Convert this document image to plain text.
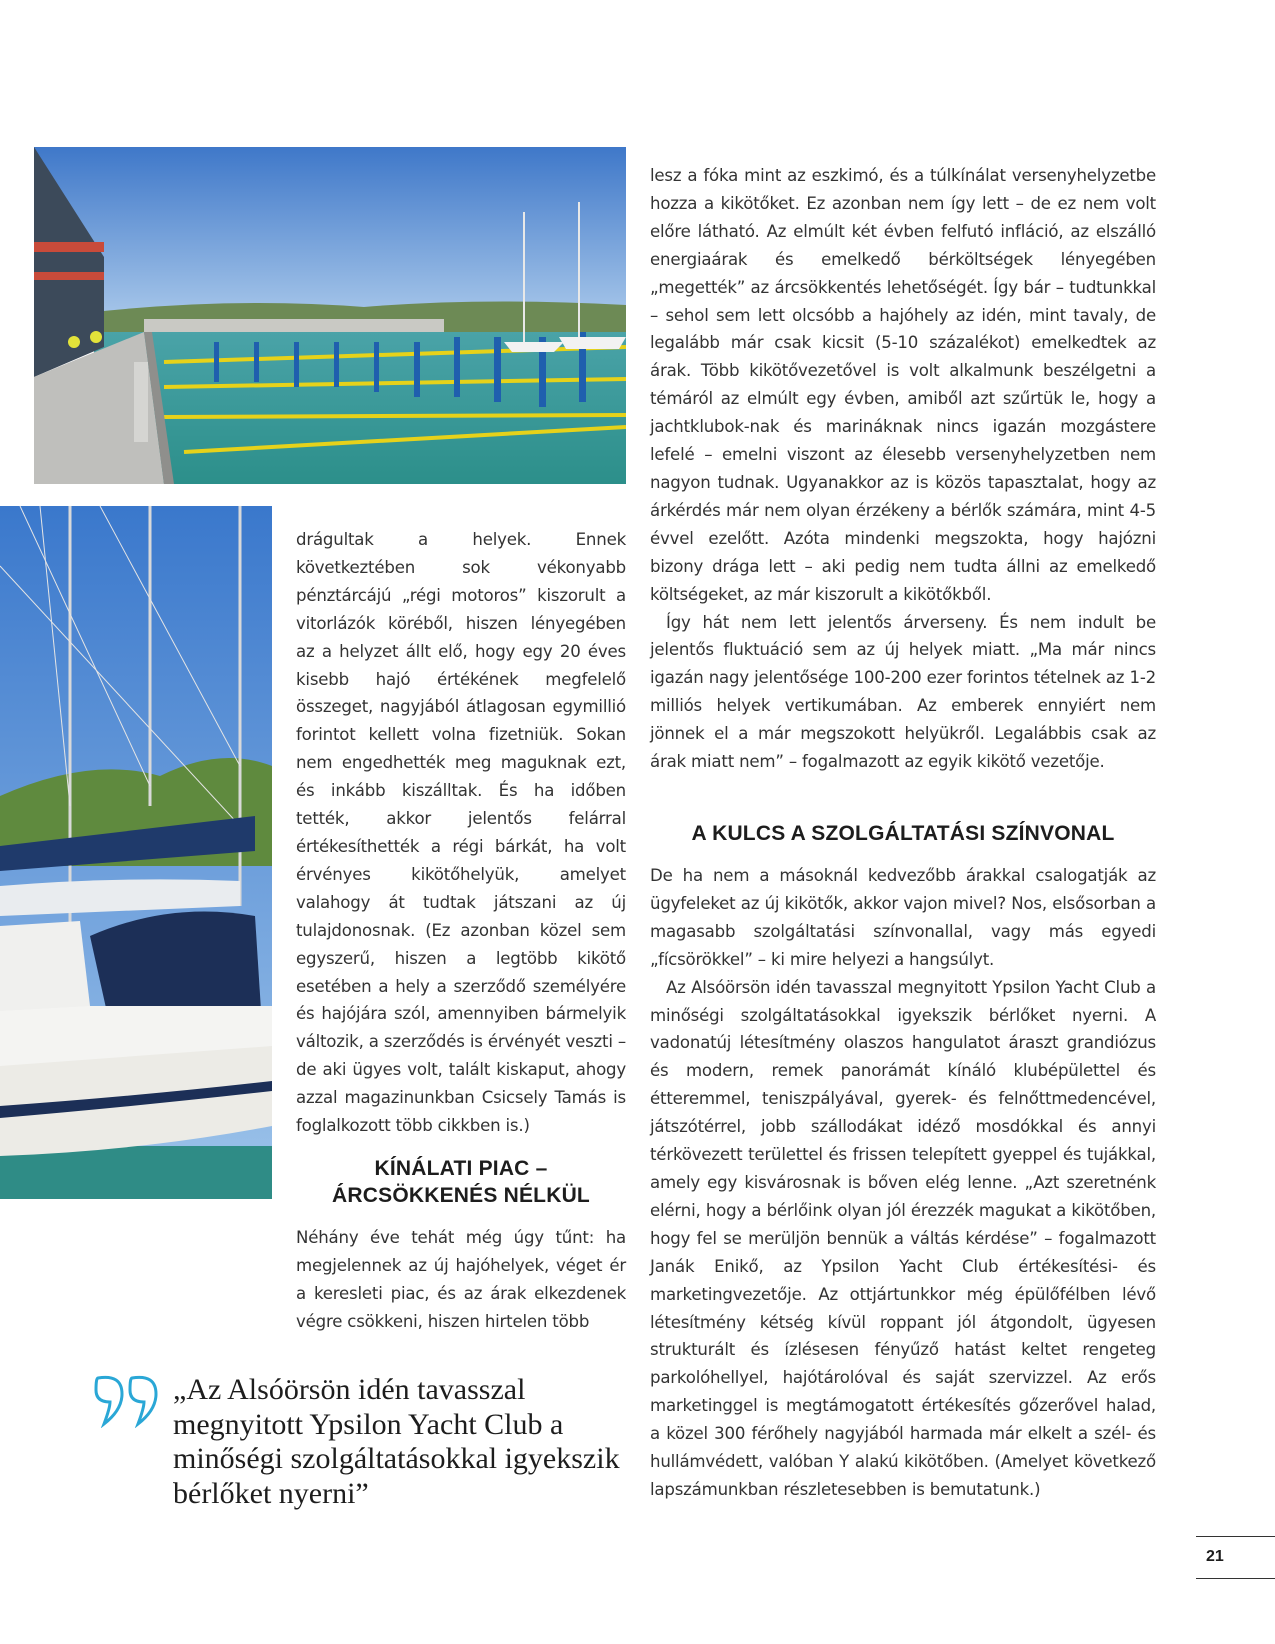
drágultak a helyek. Ennek következtében sok vékonyabb pénztárcájú „régi motoros” kiszorult a vitorlázók köréből, hiszen lényegében az a helyzet állt elő, hogy egy 20 éves kisebb hajó értékének megfelelő összeget, nagyjából átlagosan egymillió forintot kellett volna fizetniük. Sokan nem engedhették meg maguknak ezt, és inkább kiszálltak. És ha időben tették, akkor jelentős felárral értékesíthették a régi bárkát, ha volt érvényes kikötőhelyük, amelyet valahogy át tudtak játszani az új tulajdonosnak. (Ez azonban közel sem egyszerű, hiszen a legtöbb kikötő esetében a hely a szerződő személyére és hajójára szól, amennyiben bármelyik változik, a szerződés is érvényét veszti – de aki ügyes volt, talált kiskaput, ahogy azzal magazinunkban Csicsely Tamás is foglalkozott több cikkben is.)

KÍNÁLATI PIAC –
ÁRCSÖKKENÉS NÉLKÜL

Néhány éve tehát még úgy tűnt: ha megjelennek az új hajóhelyek, véget ér a keresleti piac, és az árak elkezdenek végre csökkeni, hiszen hirtelen több

lesz a fóka mint az eszkimó, és a túlkínálat versenyhelyzetbe hozza a kikötőket. Ez azonban nem így lett – de ez nem volt előre látható. Az elmúlt két évben felfutó infláció, az elszálló energiaárak és emelkedő bérköltségek lényegében „megették” az árcsökkentés lehetőségét. Így bár – tudtunkkal – sehol sem lett olcsóbb a hajóhely az idén, mint tavaly, de legalább már csak kicsit (5-10 százalékot) emelkedtek az árak. Több kikötővezetővel is volt alkalmunk beszélgetni a témáról az elmúlt egy évben, amiből azt szűrtük le, hogy a jachtklubok-nak és marináknak nincs igazán mozgástere lefelé – emelni viszont az élesebb versenyhelyzetben nem nagyon tudnak. Ugyanakkor az is közös tapasztalat, hogy az árkérdés már nem olyan érzékeny a bérlők számára, mint 4-5 évvel ezelőtt. Azóta mindenki megszokta, hogy hajózni bizony drága lett – aki pedig nem tudta állni az emelkedő költségeket, az már kiszorult a kikötőkből.

Így hát nem lett jelentős árverseny. És nem indult be jelentős fluktuáció sem az új helyek miatt. „Ma már nincs igazán nagy jelentősége 100-200 ezer forintos tételnek az 1-2 milliós helyek vertikumában. Az emberek ennyiért nem jönnek el a már megszokott helyükről. Legalábbis csak az árak miatt nem” – fogalmazott az egyik kikötő vezetője.

A KULCS A SZOLGÁLTATÁSI SZÍNVONAL

De ha nem a másoknál kedvezőbb árakkal csalogatják az ügyfeleket az új kikötők, akkor vajon mivel? Nos, elsősorban a magasabb szolgáltatási színvonallal, vagy más egyedi „fícsörökkel” – ki mire helyezi a hangsúlyt.

Az Alsóörsön idén tavasszal megnyitott Ypsilon Yacht Club a minőségi szolgáltatásokkal igyekszik bérlőket nyerni. A vadonatúj létesítmény olaszos hangulatot áraszt grandiózus és modern, remek panorámát kínáló klubépülettel és étteremmel, teniszpályával, gyerek- és felnőttmedencével, játszótérrel, jobb szállodákat idéző mosdókkal és annyi térkövezett területtel és frissen telepített gyeppel és tujákkal, amely egy kisvárosnak is bőven elég lenne. „Azt szeretnénk elérni, hogy a bérlőink olyan jól érezzék magukat a kikötőben, hogy fel se merüljön bennük a váltás kérdése” – fogalmazott Janák Enikő, az Ypsilon Yacht Club értékesítési- és marketingvezetője. Az ottjártunkkor még épülőfélben lévő létesítmény kétség kívül roppant jól átgondolt, ügyesen strukturált és ízlésesen fényűző hatást keltet rengeteg parkolóhellyel, hajótárolóval és saját szervizzel. Az erős marketinggel is megtámogatott értékesítés gőzerővel halad, a közel 300 férőhely nagyjából harmada már elkelt a szél- és hullámvédett, valóban Y alakú kikötőben. (Amelyet következő lapszámunkban részletesebben is bemutatunk.)

„Az Alsóörsön idén tavasszal megnyitott Ypsilon Yacht Club a minőségi szolgáltatásokkal igyekszik bérlőket nyerni”

21
